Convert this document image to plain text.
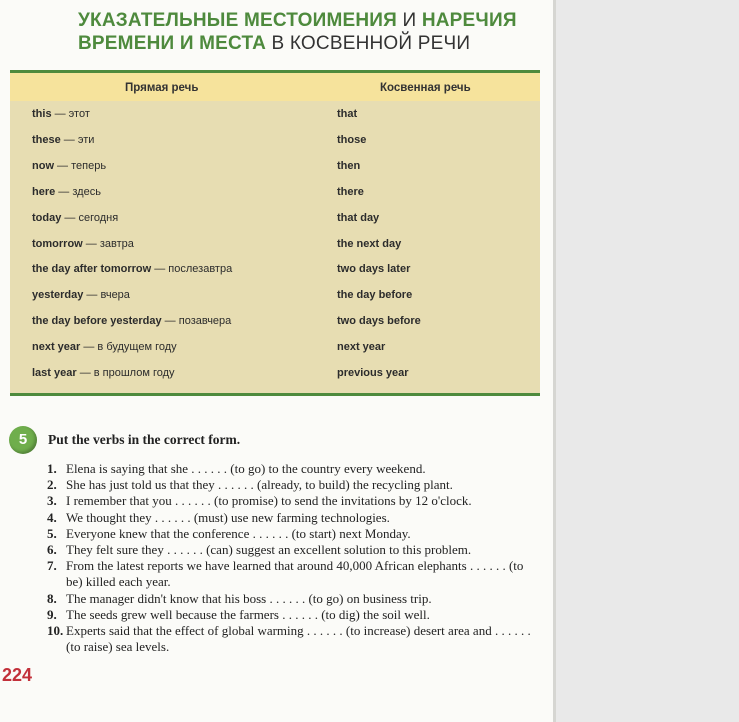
УКАЗАТЕЛЬНЫЕ МЕСТОИМЕНИЯ И НАРЕЧИЯ
ВРЕМЕНИ И МЕСТА В КОСВЕННОЙ РЕЧИ
Прямая речь	Косвенная речь
this — этот	that
these — эти	those
now — теперь	then
here — здесь	there
today — сегодня	that day
tomorrow — завтра	the next day
the day after tomorrow — послезавтра	two days later
yesterday — вчера	the day before
the day before yesterday — позавчера	two days before
next year — в будущем году	next year
last year — в прошлом году	previous year
5	Put the verbs in the correct form.
1. Elena is saying that she . . . . . . (to go) to the country every weekend.
2. She has just told us that they . . . . . . (already, to build) the recycling plant.
3. I remember that you . . . . . . (to promise) to send the invitations by 12 o'clock.
4. We thought they . . . . . . (must) use new farming technologies.
5. Everyone knew that the conference . . . . . . (to start) next Monday.
6. They felt sure they . . . . . . (can) suggest an excellent solution to this problem.
7. From the latest reports we have learned that around 40,000 African elephants . . . . . . (to be) killed each year.
8. The manager didn't know that his boss . . . . . . (to go) on business trip.
9. The seeds grew well because the farmers . . . . . . (to dig) the soil well.
10. Experts said that the effect of global warming . . . . . . (to increase) desert area and . . . . . . (to raise) sea levels.
224
